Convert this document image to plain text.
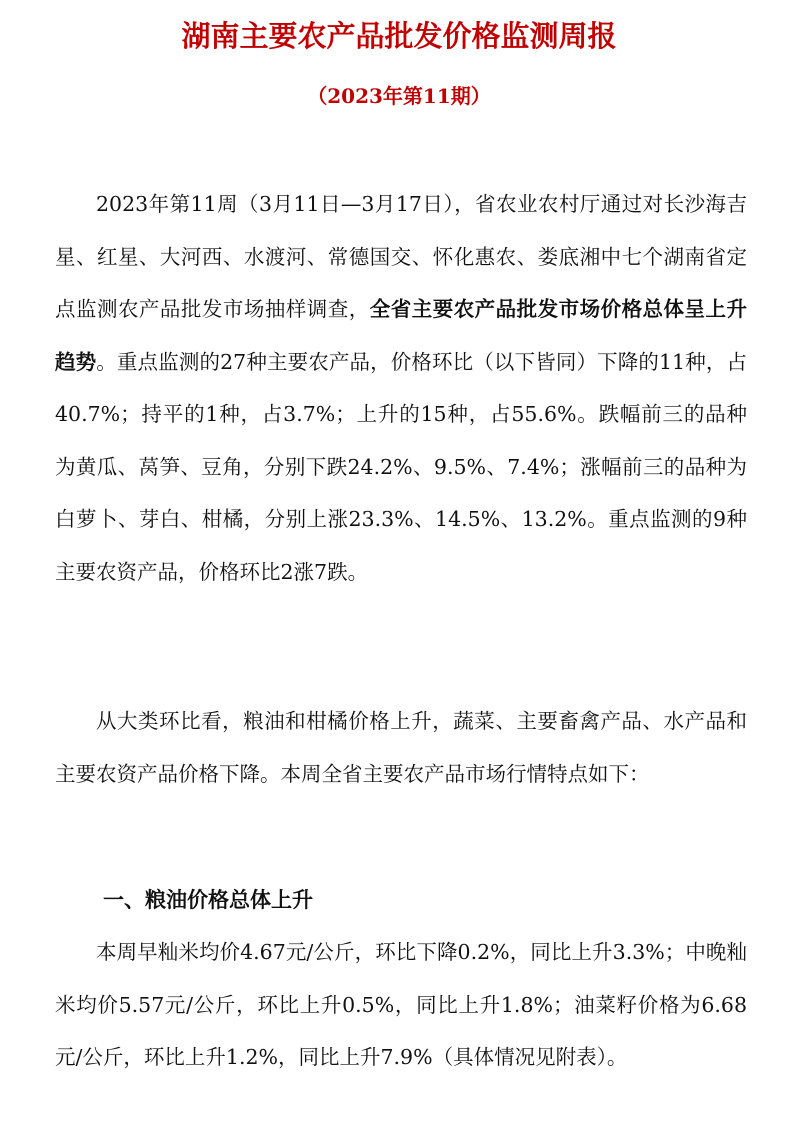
湖南主要农产品批发价格监测周报
（2023年第11期）

2023年第11周（3月11日—3月17日），省农业农村厅通过对长沙海吉星、红星、大河西、水渡河、常德国交、怀化惠农、娄底湘中七个湖南省定点监测农产品批发市场抽样调查，全省主要农产品批发市场价格总体呈上升趋势。重点监测的27种主要农产品，价格环比（以下皆同）下降的11种，占40.7%；持平的1种，占3.7%；上升的15种，占55.6%。跌幅前三的品种为黄瓜、莴笋、豆角，分别下跌24.2%、9.5%、7.4%；涨幅前三的品种为白萝卜、芽白、柑橘，分别上涨23.3%、14.5%、13.2%。重点监测的9种主要农资产品，价格环比2涨7跌。

从大类环比看，粮油和柑橘价格上升，蔬菜、主要畜禽产品、水产品和主要农资产品价格下降。本周全省主要农产品市场行情特点如下：

一、粮油价格总体上升

本周早籼米均价4.67元/公斤，环比下降0.2%，同比上升3.3%；中晚籼米均价5.57元/公斤，环比上升0.5%，同比上升1.8%；油菜籽价格为6.68元/公斤，环比上升1.2%，同比上升7.9%（具体情况见附表）。
